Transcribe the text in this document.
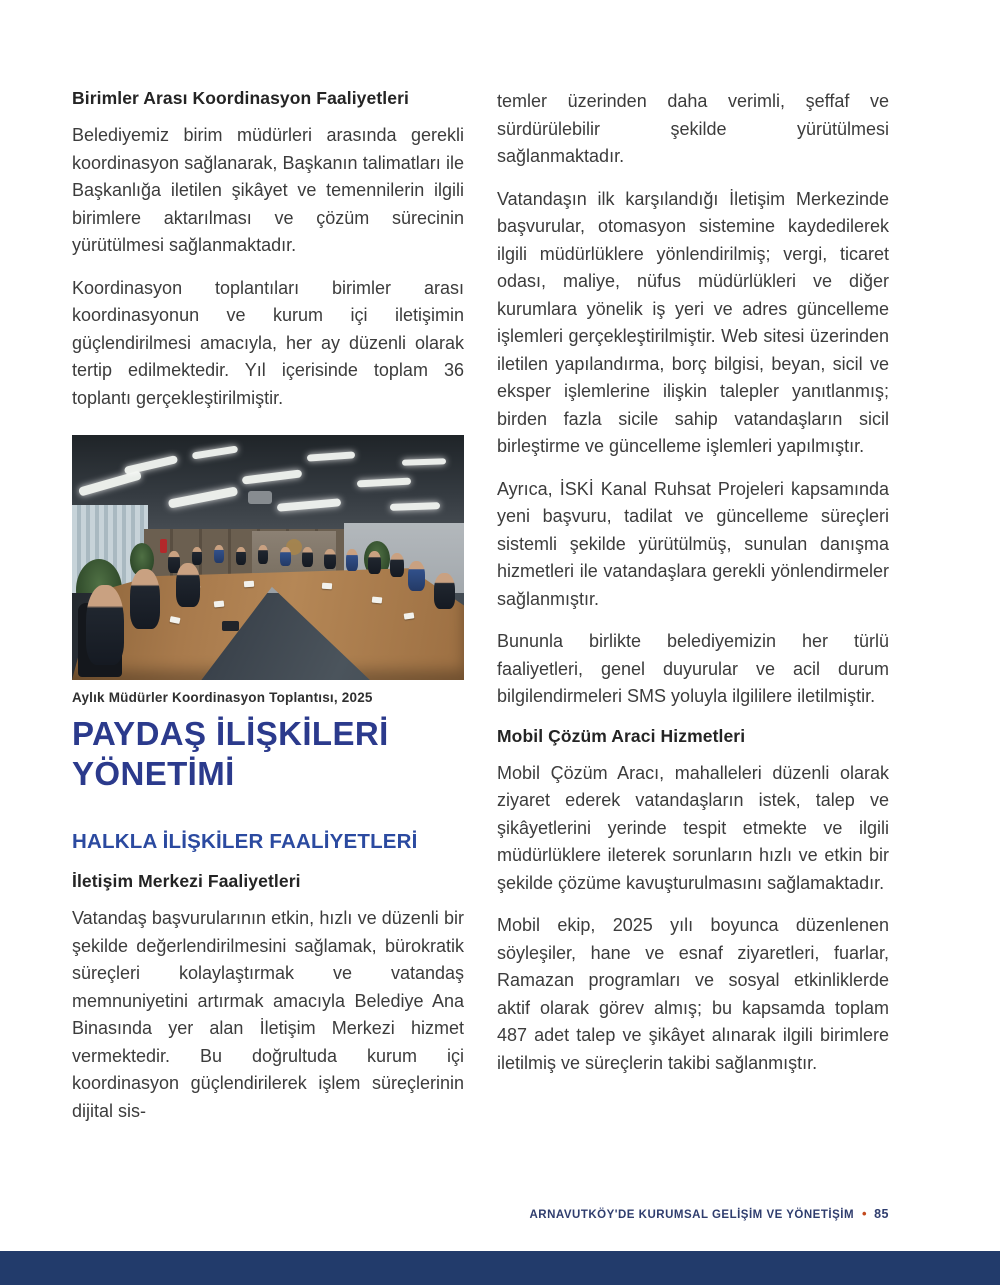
Birimler Arası Koordinasyon Faaliyetleri

Belediyemiz birim müdürleri arasında gerekli koordinasyon sağlanarak, Başkanın talimatları ile Başkanlığa iletilen şikâyet ve temennilerin ilgili birimlere aktarılması ve çözüm sürecinin yürütülmesi sağlanmaktadır.

Koordinasyon toplantıları birimler arası koordinasyonun ve kurum içi iletişimin güçlendirilmesi amacıyla, her ay düzenli olarak tertip edilmektedir. Yıl içerisinde toplam 36 toplantı gerçekleştirilmiştir.

Aylık Müdürler Koordinasyon Toplantısı, 2025
PAYDAŞ İLİŞKİLERİ YÖNETİMİ
HALKLA İLİŞKİLER FAALİYETLERİ
İletişim Merkezi Faaliyetleri

Vatandaş başvurularının etkin, hızlı ve düzenli bir şekilde değerlendirilmesini sağlamak, bürokratik süreçleri kolaylaştırmak ve vatandaş memnuniyetini artırmak amacıyla Belediye Ana Binasında yer alan İletişim Merkezi hizmet vermektedir. Bu doğrultuda kurum içi koordinasyon güçlendirilerek işlem süreçlerinin dijital sis-

temler üzerinden daha verimli, şeffaf ve sürdürülebilir şekilde yürütülmesi sağlanmaktadır.

Vatandaşın ilk karşılandığı İletişim Merkezinde başvurular, otomasyon sistemine kaydedilerek ilgili müdürlüklere yönlendirilmiş; vergi, ticaret odası, maliye, nüfus müdürlükleri ve diğer kurumlara yönelik iş yeri ve adres güncelleme işlemleri gerçekleştirilmiştir. Web sitesi üzerinden iletilen yapılandırma, borç bilgisi, beyan, sicil ve eksper işlemlerine ilişkin talepler yanıtlanmış; birden fazla sicile sahip vatandaşların sicil birleştirme ve güncelleme işlemleri yapılmıştır.

Ayrıca, İSKİ Kanal Ruhsat Projeleri kapsamında yeni başvuru, tadilat ve güncelleme süreçleri sistemli şekilde yürütülmüş, sunulan danışma hizmetleri ile vatandaşlara gerekli yönlendirmeler sağlanmıştır.

Bununla birlikte belediyemizin her türlü faaliyetleri, genel duyurular ve acil durum bilgilendirmeleri SMS yoluyla ilgililere iletilmiştir.

Mobil Çözüm Araci Hizmetleri

Mobil Çözüm Aracı, mahalleleri düzenli olarak ziyaret ederek vatandaşların istek, talep ve şikâyetlerini yerinde tespit etmekte ve ilgili müdürlüklere ileterek sorunların hızlı ve etkin bir şekilde çözüme kavuşturulmasını sağlamaktadır.

Mobil ekip, 2025 yılı boyunca düzenlenen söyleşiler, hane ve esnaf ziyaretleri, fuarlar, Ramazan programları ve sosyal etkinliklerde aktif olarak görev almış; bu kapsamda toplam 487 adet talep ve şikâyet alınarak ilgili birimlere iletilmiş ve süreçlerin takibi sağlanmıştır.

ARNAVUTKÖY'DE KURUMSAL GELİŞİM VE YÖNETİŞİM • 85
